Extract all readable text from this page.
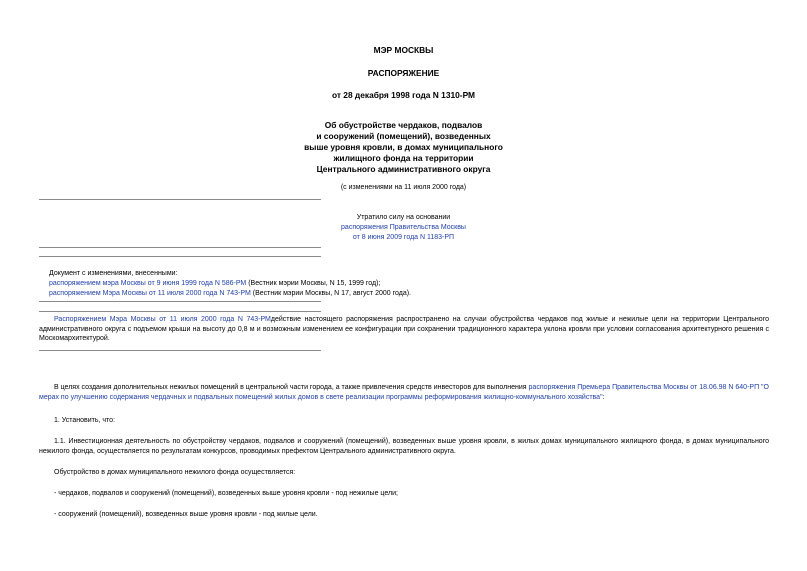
МЭР МОСКВЫ
РАСПОРЯЖЕНИЕ
от 28 декабря 1998 года N 1310-РМ
Об обустройстве чердаков, подвалов
и сооружений (помещений), возведенных
выше уровня кровли, в домах муниципального
жилищного фонда на территории
Центрального административного округа
(с изменениями на 11 июля 2000 года)
Утратило силу на основании
распоряжения Правительства Москвы
от 8 июня 2009 года N 1183-РП
Документ с изменениями, внесенными:
распоряжением мэра Москвы от 9 июня 1999 года N 586-РМ (Вестник мэрии Москвы, N 15, 1999 год);
распоряжением Мэра Москвы от 11 июля 2000 года N 743-РМ (Вестник мэрии Москвы, N 17, август 2000 года).
Распоряжением Мэра Москвы от 11 июля 2000 года N 743-РМдействие настоящего распоряжения распространено на случаи обустройства чердаков под жилые и нежилые цели на территории Центрального административного округа с подъемом крыши на высоту до 0,8 м и возможным изменением ее конфигурации при сохранении традиционного характера уклона кровли при условии согласования архитектурного решения с Москомархитектурой.
В целях создания дополнительных нежилых помещений в центральной части города, а также привлечения средств инвесторов для выполнения распоряжения Премьера Правительства Москвы от 18.06.98 N 640-РП "О мерах по улучшению содержания чердачных и подвальных помещений жилых домов в свете реализации программы реформирования жилищно-коммунального хозяйства":
1. Установить, что:
1.1. Инвестиционная деятельность по обустройству чердаков, подвалов и сооружений (помещений), возведенных выше уровня кровли, в жилых домах муниципального жилищного фонда, в домах муниципального нежилого фонда, осуществляется по результатам конкурсов, проводимых префектом Центрального административного округа.
Обустройство в домах муниципального нежилого фонда осуществляется:
- чердаков, подвалов и сооружений (помещений), возведенных выше уровня кровли - под нежилые цели;
- сооружений (помещений), возведенных выше уровня кровли - под жилые цели.
